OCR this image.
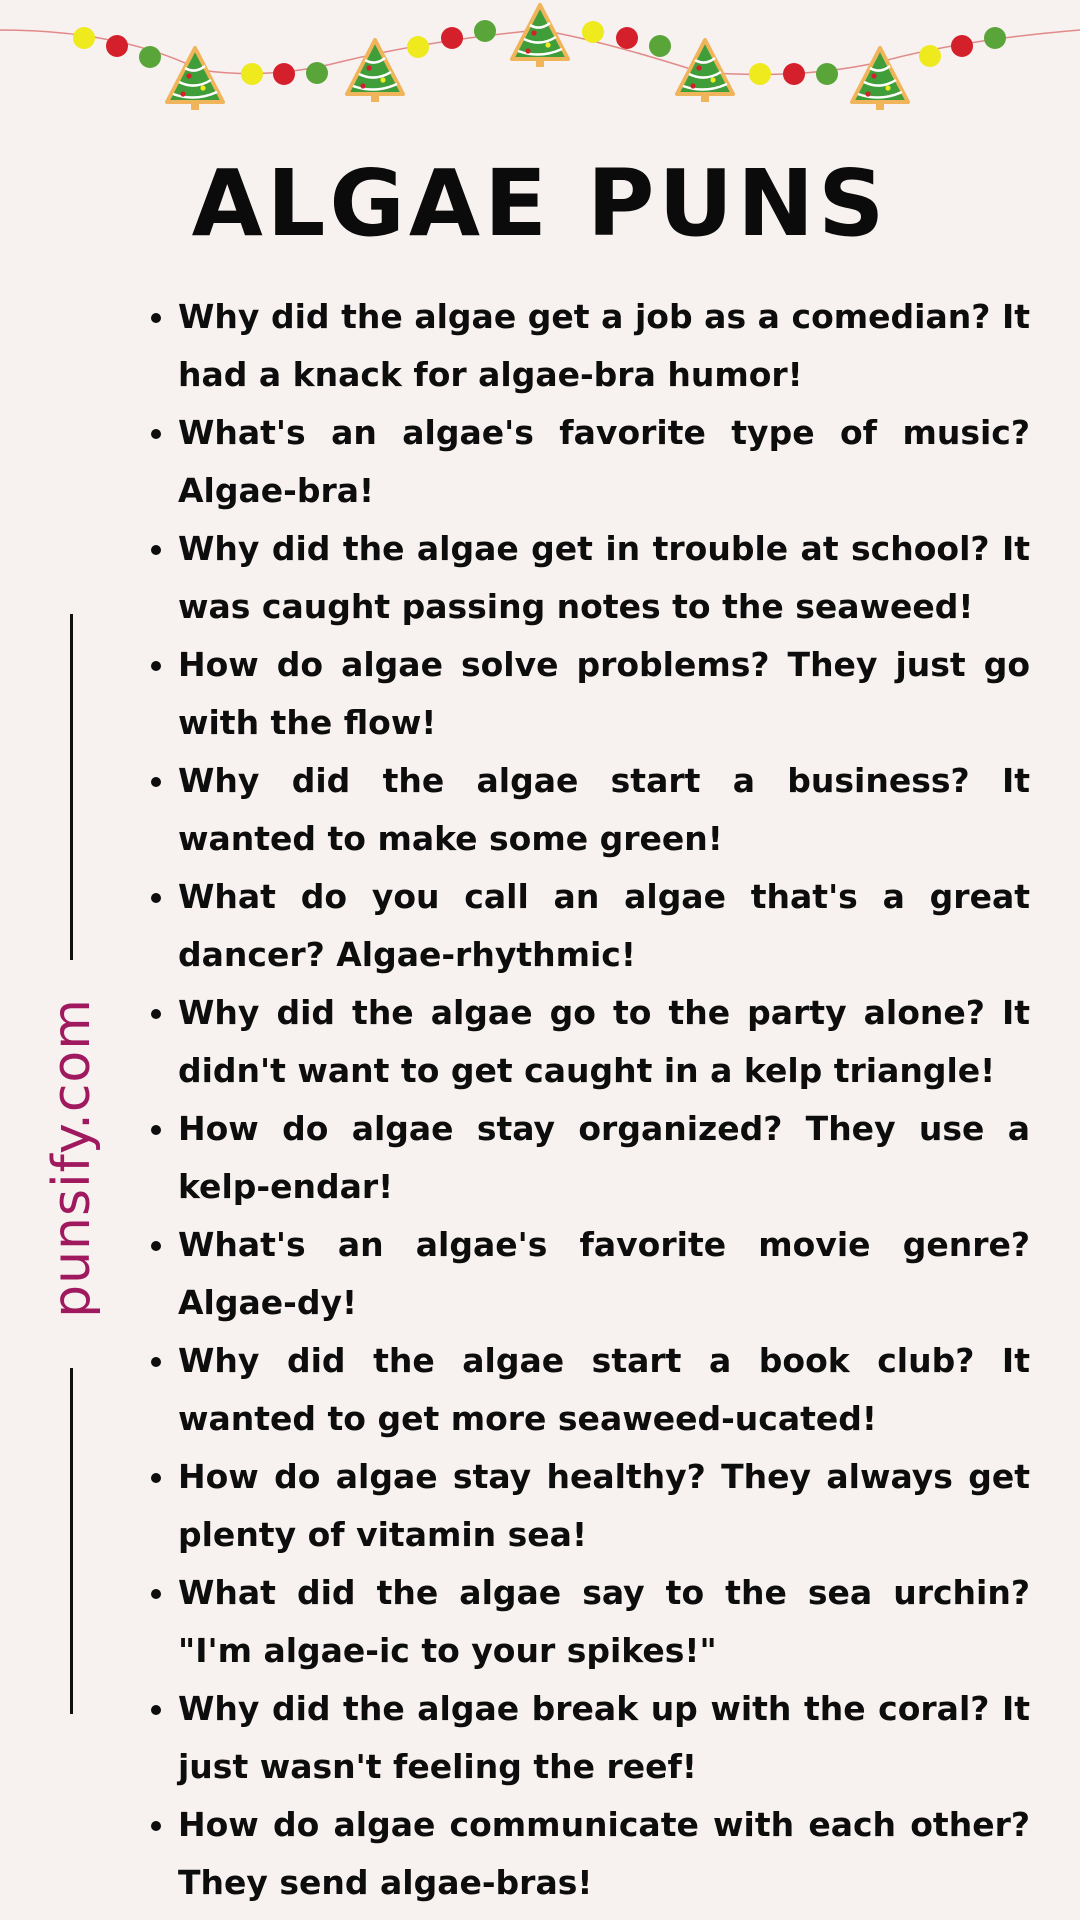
ALGAE PUNS
punsify.com
• Why did the algae get a job as a comedian? It had a knack for algae-bra humor!
• What's an algae's favorite type of music? Algae-bra!
• Why did the algae get in trouble at school? It was caught passing notes to the seaweed!
• How do algae solve problems? They just go with the flow!
• Why did the algae start a business? It wanted to make some green!
• What do you call an algae that's a great dancer? Algae-rhythmic!
• Why did the algae go to the party alone? It didn't want to get caught in a kelp triangle!
• How do algae stay organized? They use a kelp-endar!
• What's an algae's favorite movie genre? Algae-dy!
• Why did the algae start a book club? It wanted to get more seaweed-ucated!
• How do algae stay healthy? They always get plenty of vitamin sea!
• What did the algae say to the sea urchin? "I'm algae-ic to your spikes!"
• Why did the algae break up with the coral? It just wasn't feeling the reef!
• How do algae communicate with each other? They send algae-bras!
